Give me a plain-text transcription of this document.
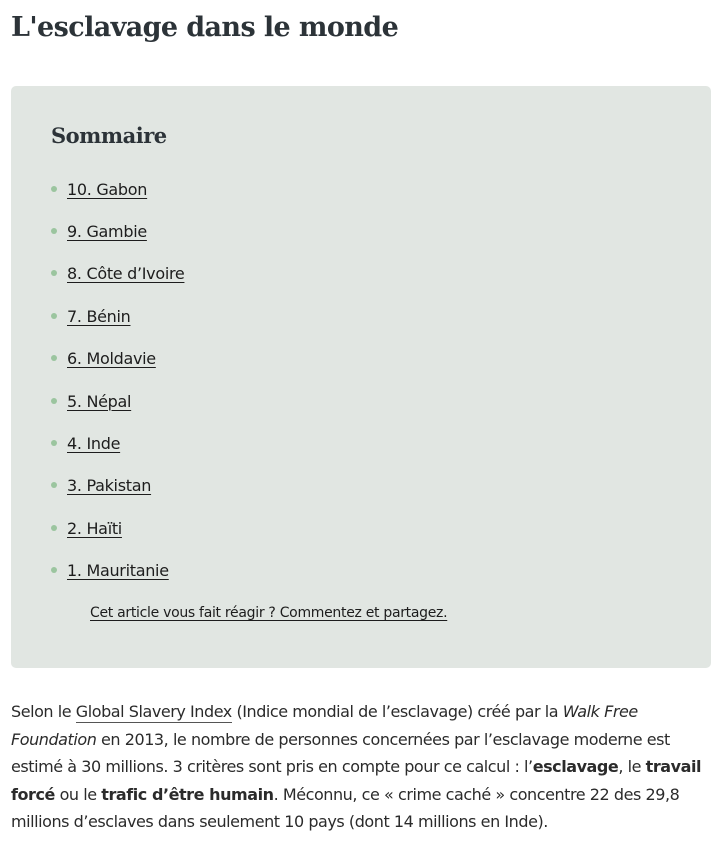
L'esclavage dans le monde
Sommaire
10. Gabon
9. Gambie
8. Côte d’Ivoire
7. Bénin
6. Moldavie
5. Népal
4. Inde
3. Pakistan
2. Haïti
1. Mauritanie
Cet article vous fait réagir ? Commentez et partagez.

Selon le Global Slavery Index (Indice mondial de l’esclavage) créé par la Walk Free Foundation en 2013, le nombre de personnes concernées par l’esclavage moderne est estimé à 30 millions. 3 critères sont pris en compte pour ce calcul : l’esclavage, le travail forcé ou le trafic d’être humain. Méconnu, ce « crime caché » concentre 22 des 29,8 millions d’esclaves dans seulement 10 pays (dont 14 millions en Inde).
